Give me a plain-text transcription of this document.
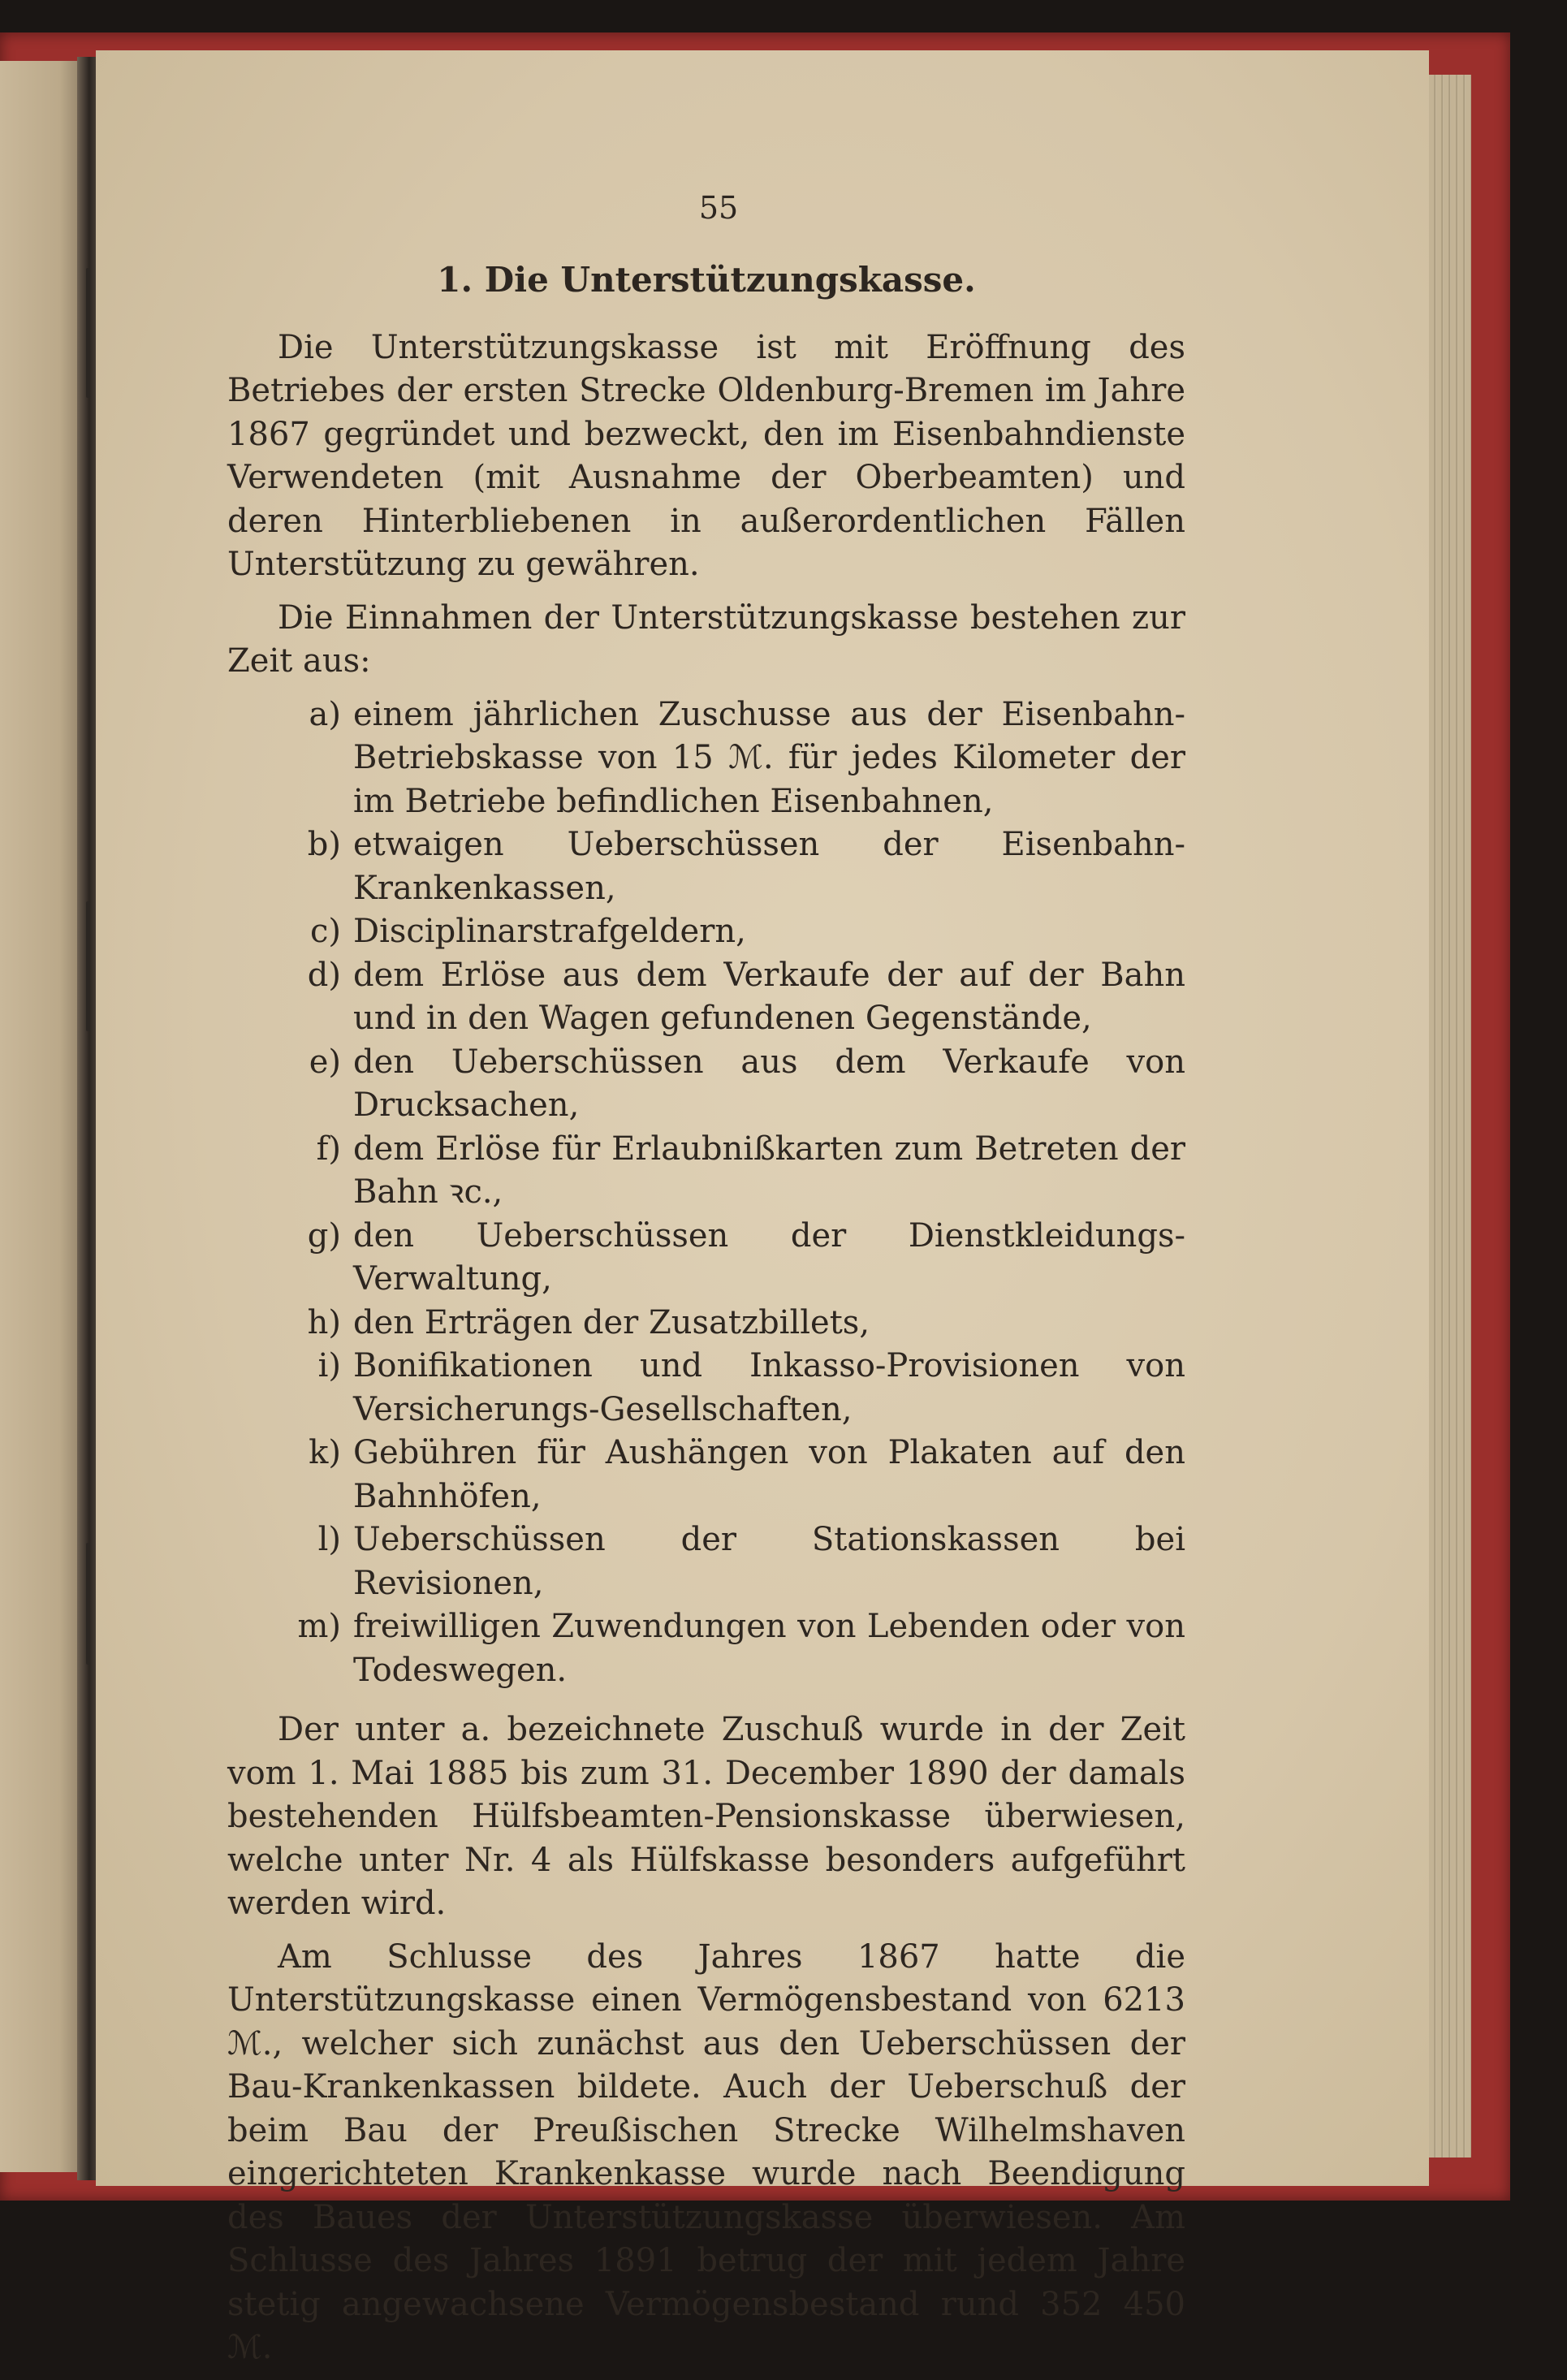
55
1. Die Unterstützungskasse.

Die Unterstützungskasse ist mit Eröffnung des Betriebes der ersten Strecke Oldenburg-Bremen im Jahre 1867 gegründet und bezweckt, den im Eisenbahndienste Verwendeten (mit Ausnahme der Oberbeamten) und deren Hinterbliebenen in außerordentlichen Fällen Unterstützung zu gewähren.

Die Einnahmen der Unterstützungskasse bestehen zur Zeit aus:

a) einem jährlichen Zuschusse aus der Eisenbahn-Betriebskasse von 15 ℳ. für jedes Kilometer der im Betriebe befindlichen Eisenbahnen,
b) etwaigen Ueberschüssen der Eisenbahn-Krankenkassen,
c) Disciplinarstrafgeldern,
d) dem Erlöse aus dem Verkaufe der auf der Bahn und in den Wagen gefundenen Gegenstände,
e) den Ueberschüssen aus dem Verkaufe von Drucksachen,
f) dem Erlöse für Erlaubnißkarten zum Betreten der Bahn ꝛc.,
g) den Ueberschüssen der Dienstkleidungs-Verwaltung,
h) den Erträgen der Zusatzbillets,
i) Bonifikationen und Inkasso-Provisionen von Versicherungs-Gesellschaften,
k) Gebühren für Aushängen von Plakaten auf den Bahnhöfen,
l) Ueberschüssen der Stationskassen bei Revisionen,
m) freiwilligen Zuwendungen von Lebenden oder von Todeswegen.

Der unter a. bezeichnete Zuschuß wurde in der Zeit vom 1. Mai 1885 bis zum 31. December 1890 der damals bestehenden Hülfsbeamten-Pensionskasse überwiesen, welche unter Nr. 4 als Hülfskasse besonders aufgeführt werden wird.

Am Schlusse des Jahres 1867 hatte die Unterstützungskasse einen Vermögensbestand von 6213 ℳ., welcher sich zunächst aus den Ueberschüssen der Bau-Krankenkassen bildete. Auch der Ueberschuß der beim Bau der Preußischen Strecke Wilhelmshaven eingerichteten Krankenkasse wurde nach Beendigung des Baues der Unterstützungskasse überwiesen. Am Schlusse des Jahres 1891 betrug der mit jedem Jahre stetig angewachsene Vermögensbestand rund 352 450 ℳ.
